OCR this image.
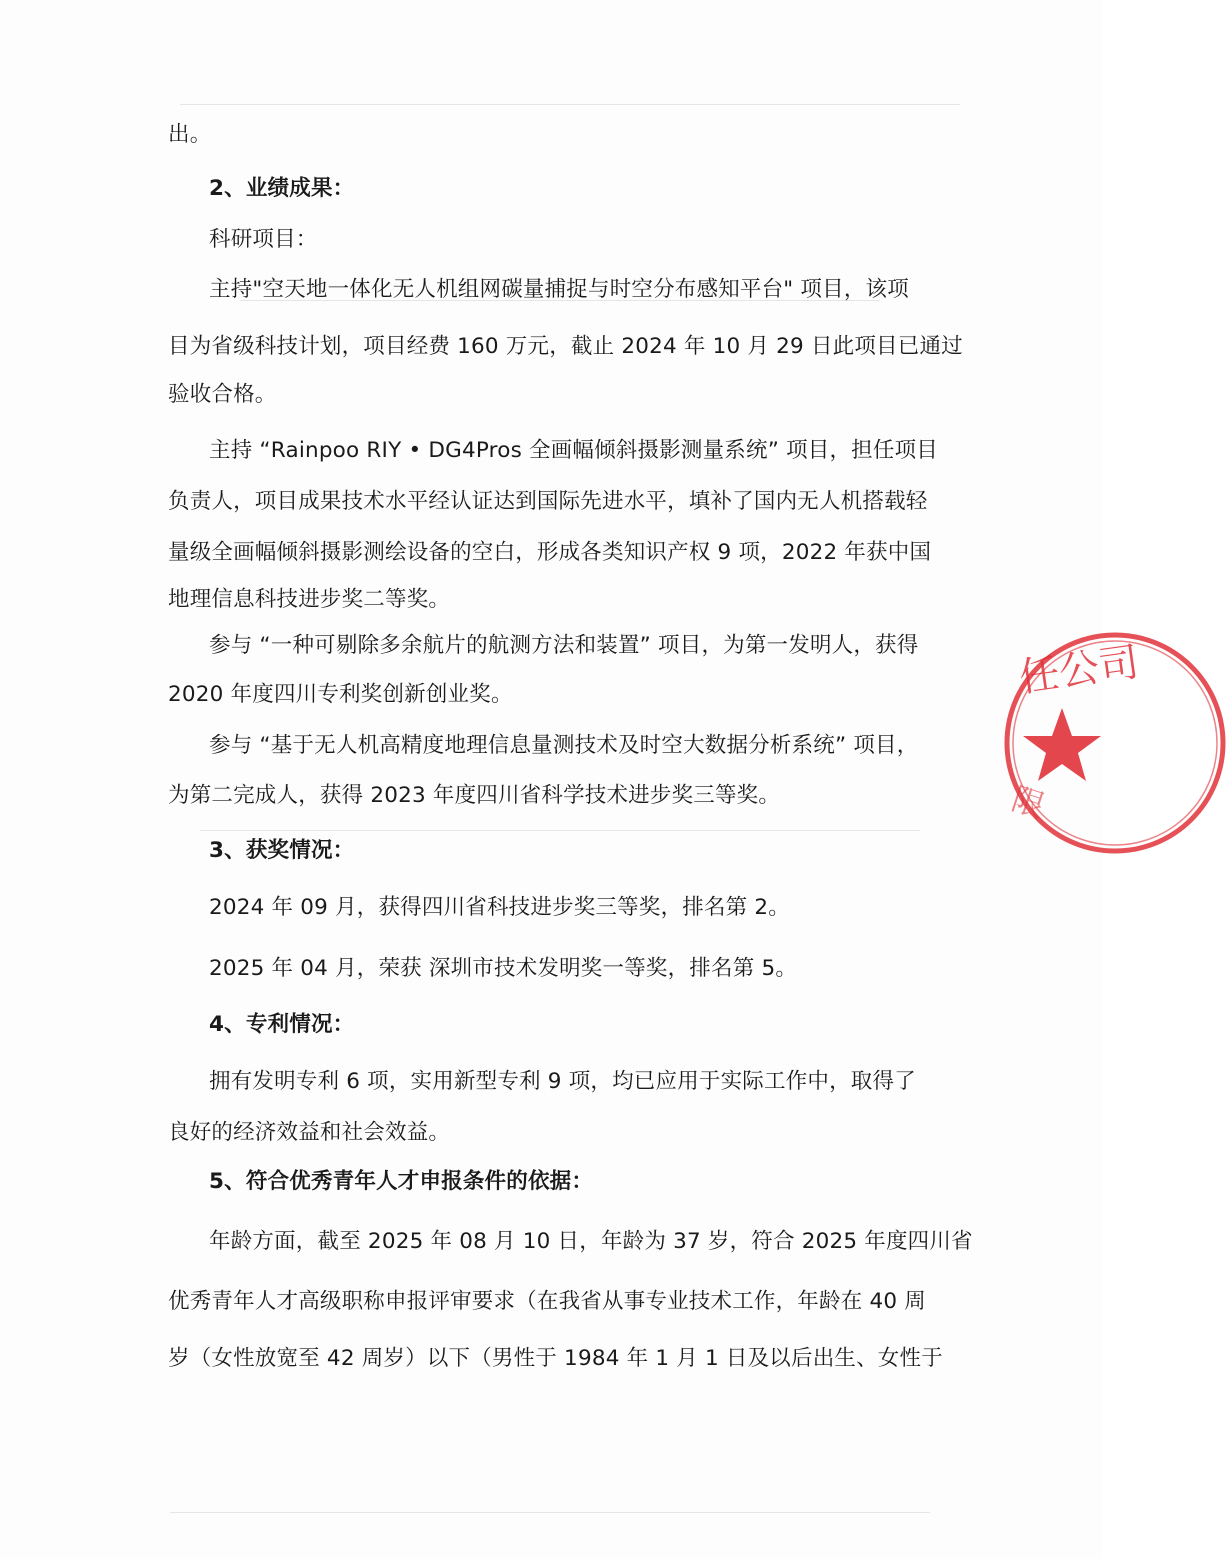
出。
2、业绩成果：
科研项目：
主持"空天地一体化无人机组网碳量捕捉与时空分布感知平台" 项目，该项
目为省级科技计划，项目经费 160 万元，截止 2024 年 10 月 29 日此项目已通过
验收合格。
主持 “Rainpoo RIY • DG4Pros 全画幅倾斜摄影测量系统” 项目，担任项目
负责人，项目成果技术水平经认证达到国际先进水平，填补了国内无人机搭载轻
量级全画幅倾斜摄影测绘设备的空白，形成各类知识产权 9 项，2022 年获中国
地理信息科技进步奖二等奖。
参与 “一种可剔除多余航片的航测方法和装置” 项目，为第一发明人，获得
2020 年度四川专利奖创新创业奖。
参与 “基于无人机高精度地理信息量测技术及时空大数据分析系统” 项目，
为第二完成人，获得 2023 年度四川省科学技术进步奖三等奖。
3、获奖情况：
2024 年 09 月，获得四川省科技进步奖三等奖，排名第 2。
2025 年 04 月，荣获 深圳市技术发明奖一等奖，排名第 5。
4、专利情况：
拥有发明专利 6 项，实用新型专利 9 项，均已应用于实际工作中，取得了
良好的经济效益和社会效益。
5、符合优秀青年人才申报条件的依据：
年龄方面，截至 2025 年 08 月 10 日，年龄为 37 岁，符合 2025 年度四川省
优秀青年人才高级职称申报评审要求（在我省从事专业技术工作，年龄在 40 周
岁（女性放宽至 42 周岁）以下（男性于 1984 年 1 月 1 日及以后出生、女性于
任公司
限
